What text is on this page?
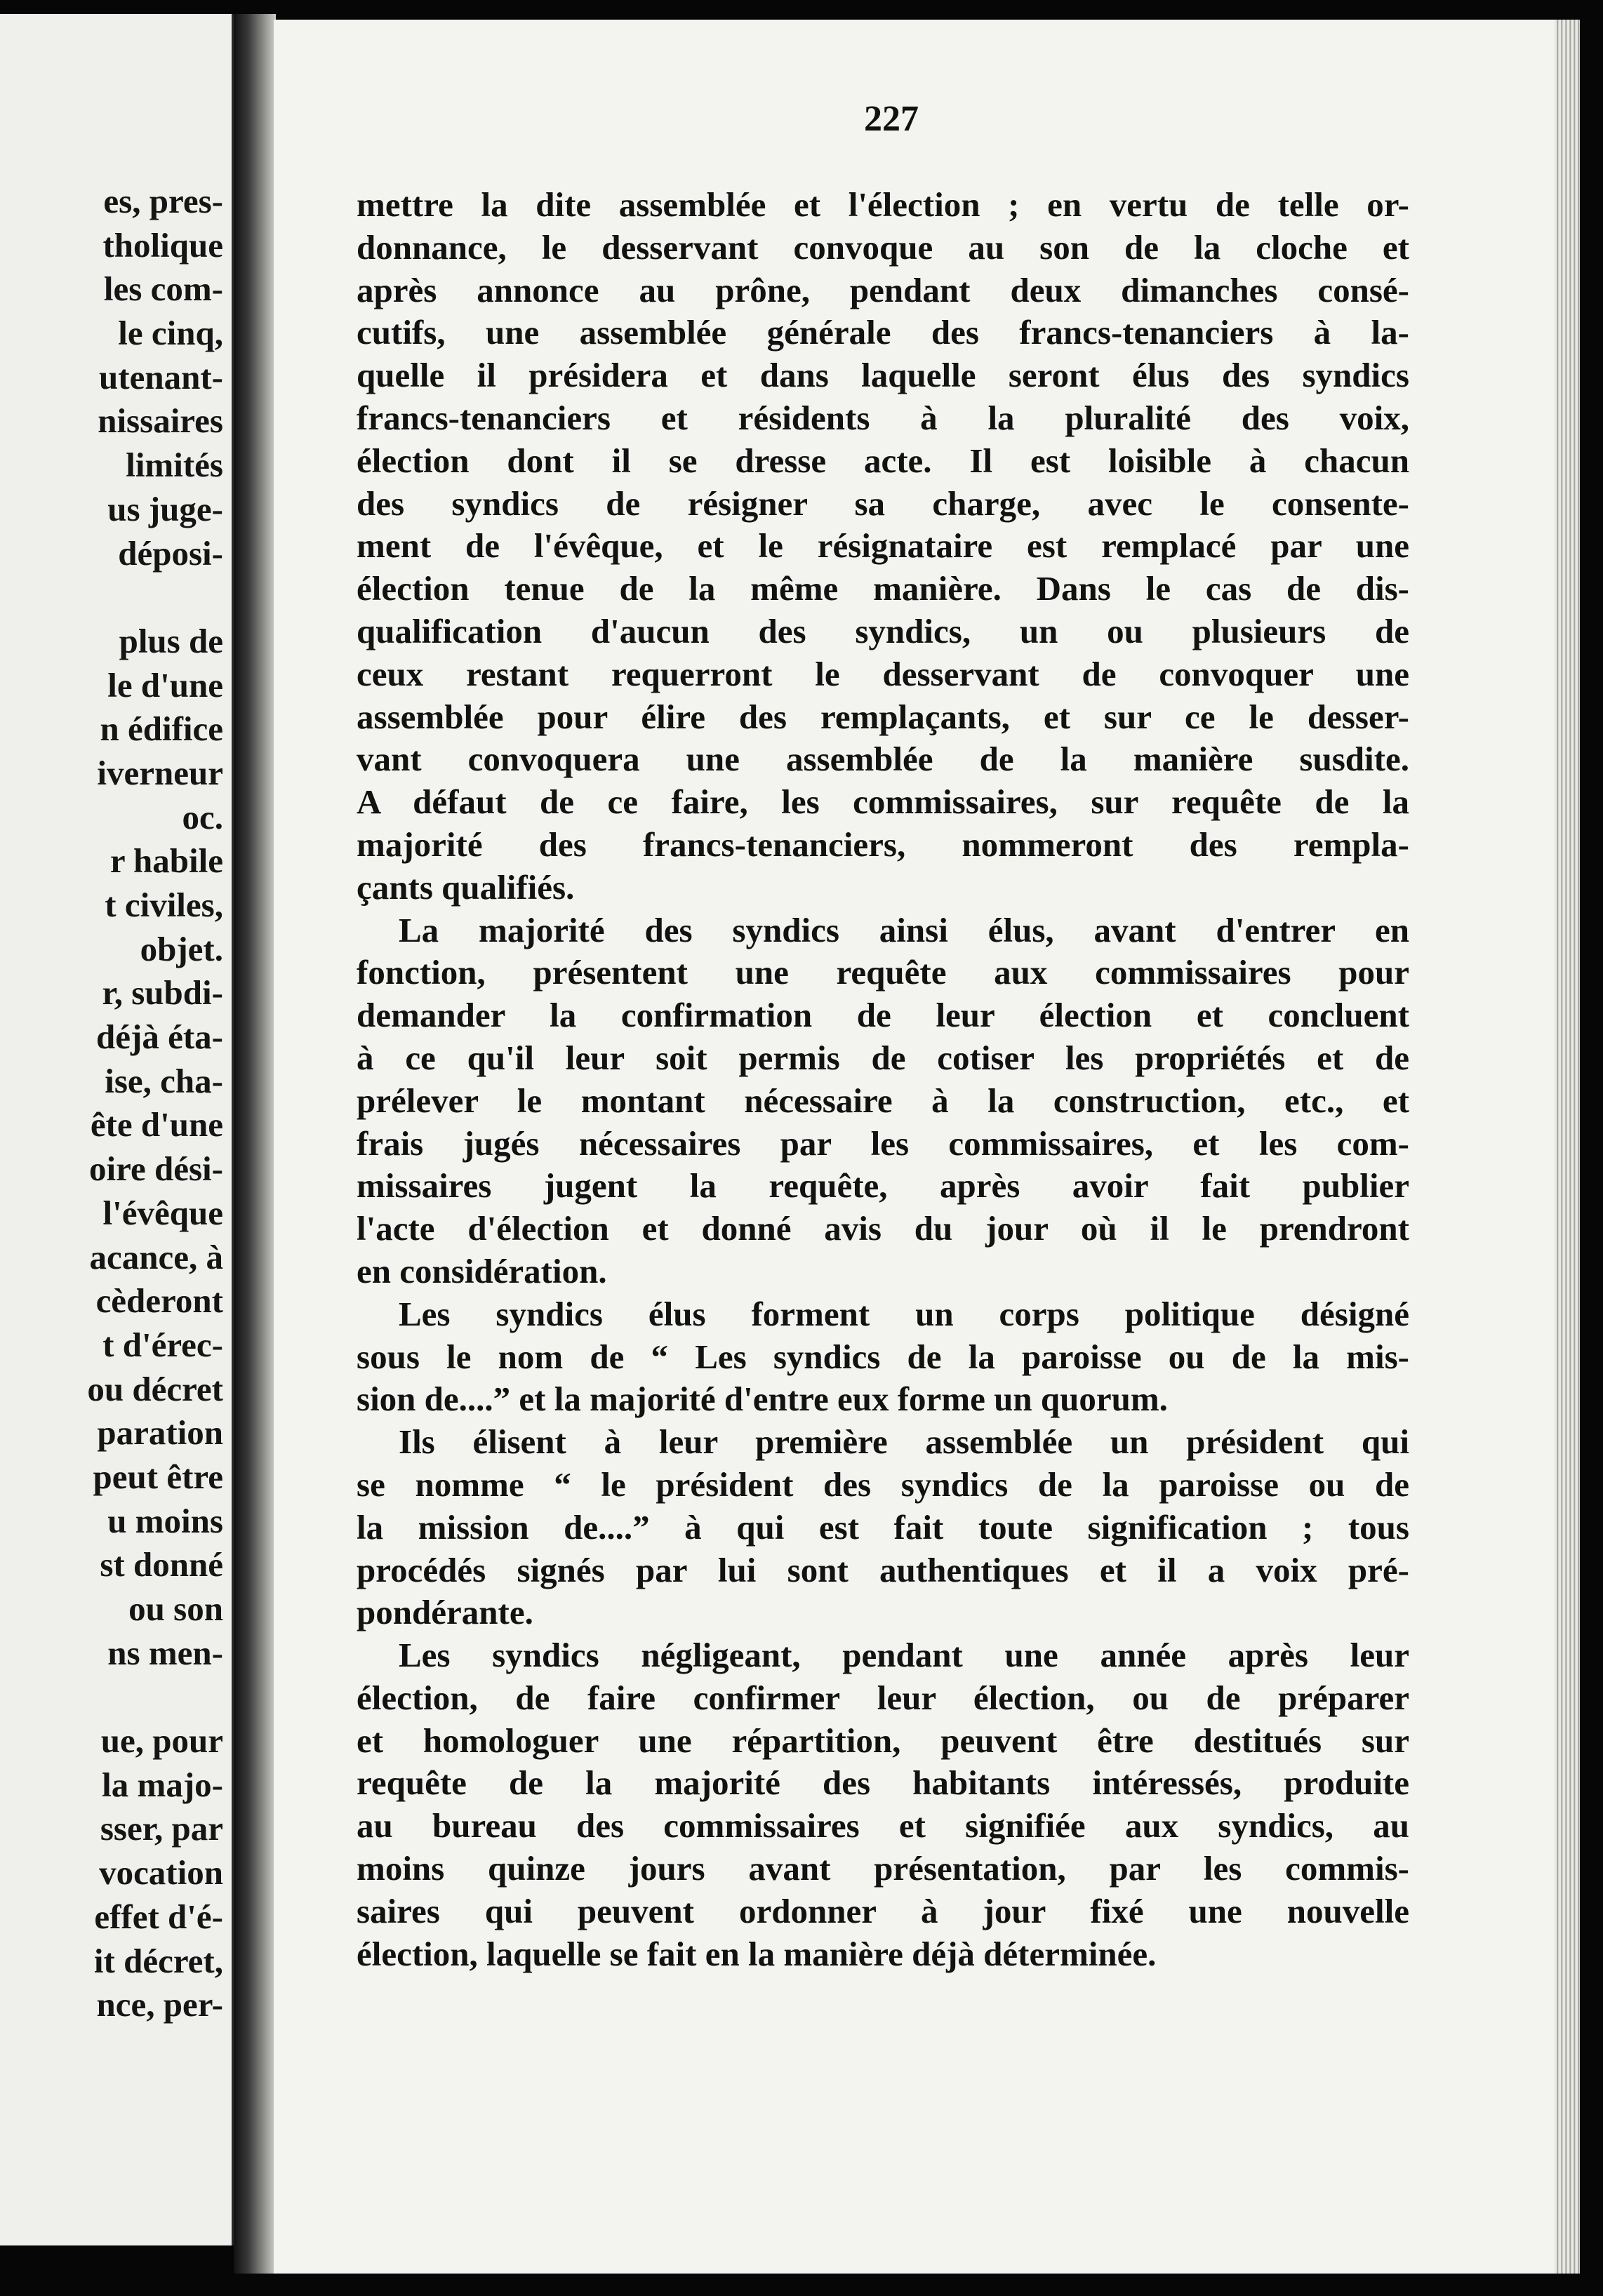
es, pres-
tholique
les com-
le cinq,
utenant-
nissaires
limités
us juge-
déposi-
plus de
le d'une
n édifice
iverneur
oc.
r habile
t civiles,
objet.
r, subdi-
déjà éta-
ise, cha-
ête d'une
oire dési-
l'évêque
acance, à
cèderont
t d'érec-
ou décret
paration
peut être
u moins
st donné
ou son
ns men-
ue, pour
la majo-
sser, par
vocation
effet d'é-
it décret,
nce, per-
227

mettre la dite assemblée et l'élection ; en vertu de telle or-
donnance, le desservant convoque au son de la cloche et
après annonce au prône, pendant deux dimanches consé-
cutifs, une assemblée générale des francs-tenanciers à la-
quelle il présidera et dans laquelle seront élus des syndics
francs-tenanciers et résidents à la pluralité des voix,
élection dont il se dresse acte. Il est loisible à chacun
des syndics de résigner sa charge, avec le consente-
ment de l'évêque, et le résignataire est remplacé par une
élection tenue de la même manière. Dans le cas de dis-
qualification d'aucun des syndics, un ou plusieurs de
ceux restant requerront le desservant de convoquer une
assemblée pour élire des remplaçants, et sur ce le desser-
vant convoquera une assemblée de la manière susdite.
A défaut de ce faire, les commissaires, sur requête de la
majorité des francs-tenanciers, nommeront des rempla-
çants qualifiés.

La majorité des syndics ainsi élus, avant d'entrer en
fonction, présentent une requête aux commissaires pour
demander la confirmation de leur élection et concluent
à ce qu'il leur soit permis de cotiser les propriétés et de
prélever le montant nécessaire à la construction, etc., et
frais jugés nécessaires par les commissaires, et les com-
missaires jugent la requête, après avoir fait publier
l'acte d'élection et donné avis du jour où il le prendront
en considération.

Les syndics élus forment un corps politique désigné
sous le nom de “ Les syndics de la paroisse ou de la mis-
sion de....” et la majorité d'entre eux forme un quorum.

Ils élisent à leur première assemblée un président qui
se nomme “ le président des syndics de la paroisse ou de
la mission de....” à qui est fait toute signification ; tous
procédés signés par lui sont authentiques et il a voix pré-
pondérante.

Les syndics négligeant, pendant une année après leur
élection, de faire confirmer leur élection, ou de préparer
et homologuer une répartition, peuvent être destitués sur
requête de la majorité des habitants intéressés, produite
au bureau des commissaires et signifiée aux syndics, au
moins quinze jours avant présentation, par les commis-
saires qui peuvent ordonner à jour fixé une nouvelle
élection, laquelle se fait en la manière déjà déterminée.
